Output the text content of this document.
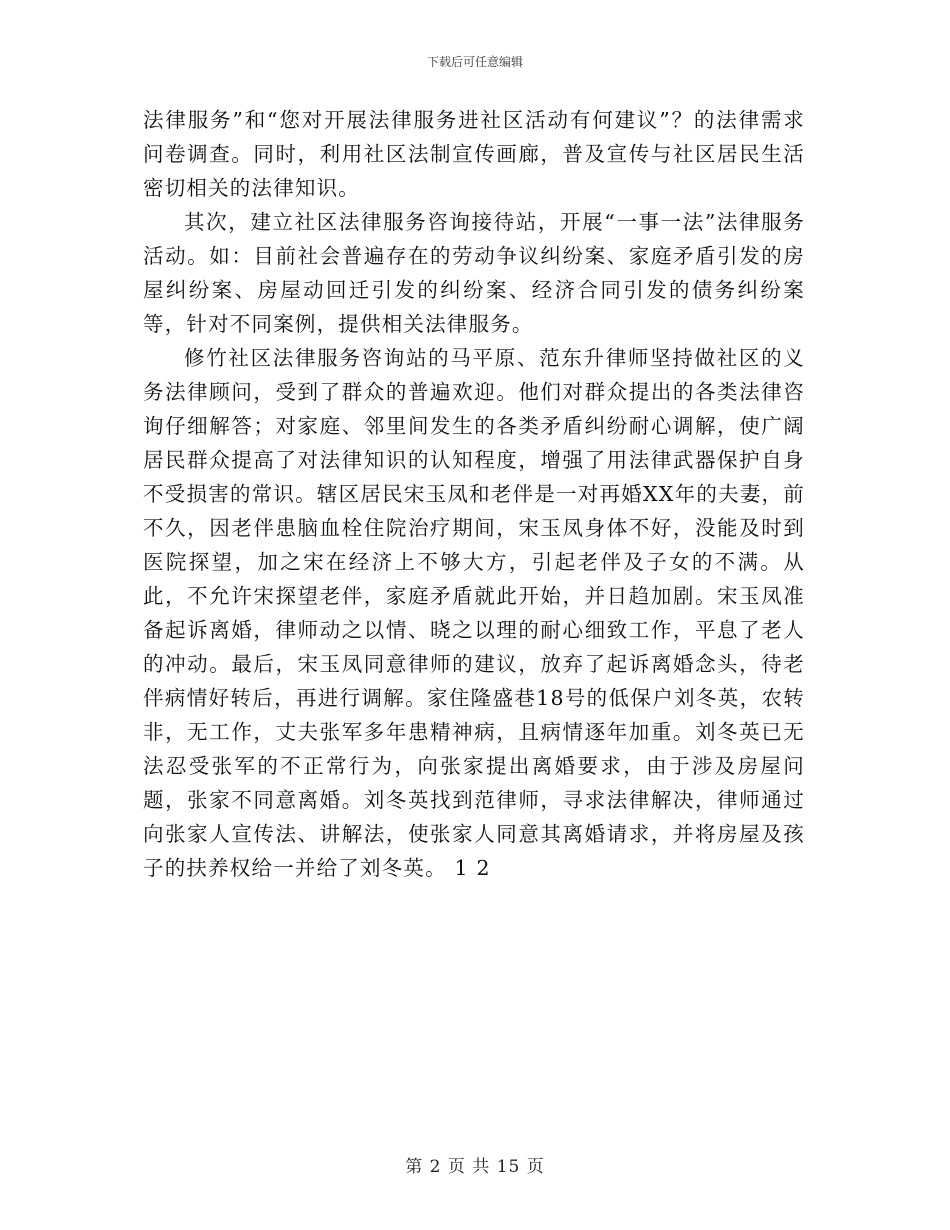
下载后可任意编辑

法律服务”和“您对开展法律服务进社区活动有何建议”？的法律需求问卷调查。同时，利用社区法制宣传画廊，普及宣传与社区居民生活密切相关的法律知识。

其次，建立社区法律服务咨询接待站，开展“一事一法”法律服务活动。如：目前社会普遍存在的劳动争议纠纷案、家庭矛盾引发的房屋纠纷案、房屋动回迁引发的纠纷案、经济合同引发的债务纠纷案等，针对不同案例，提供相关法律服务。

修竹社区法律服务咨询站的马平原、范东升律师坚持做社区的义务法律顾问，受到了群众的普遍欢迎。他们对群众提出的各类法律咨询仔细解答；对家庭、邻里间发生的各类矛盾纠纷耐心调解，使广阔居民群众提高了对法律知识的认知程度，增强了用法律武器保护自身不受损害的常识。辖区居民宋玉凤和老伴是一对再婚XX年的夫妻，前不久，因老伴患脑血栓住院治疗期间，宋玉凤身体不好，没能及时到医院探望，加之宋在经济上不够大方，引起老伴及子女的不满。从此，不允许宋探望老伴，家庭矛盾就此开始，并日趋加剧。宋玉凤准备起诉离婚，律师动之以情、晓之以理的耐心细致工作，平息了老人的冲动。最后，宋玉凤同意律师的建议，放弃了起诉离婚念头，待老伴病情好转后，再进行调解。家住隆盛巷18号的低保户刘冬英，农转非，无工作，丈夫张军多年患精神病，且病情逐年加重。刘冬英已无法忍受张军的不正常行为，向张家提出离婚要求，由于涉及房屋问题，张家不同意离婚。刘冬英找到范律师，寻求法律解决，律师通过向张家人宣传法、讲解法，使张家人同意其离婚请求，并将房屋及孩子的扶养权给一并给了刘冬英。 1 2

第 2 页 共 15 页
